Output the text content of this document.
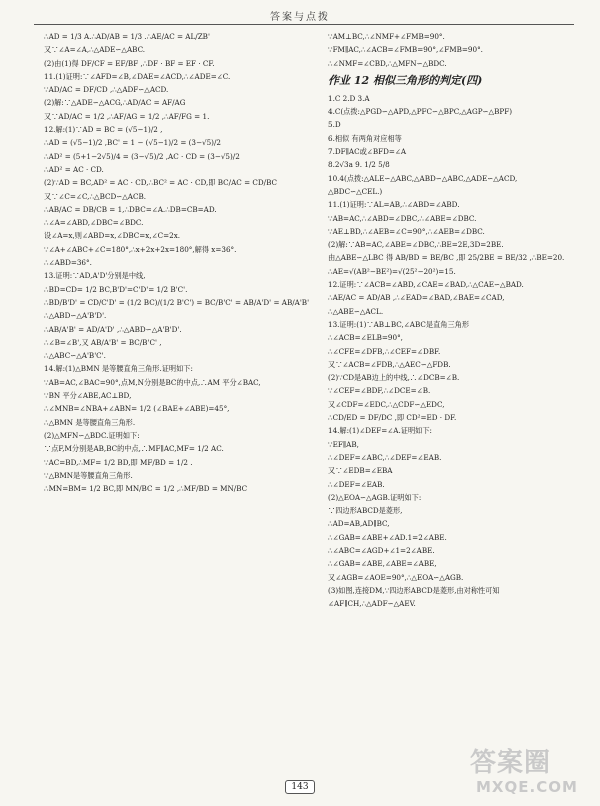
答案与点拨
∴AD = 1/3 A.∴AD/AB = 1/3 .∴AE/AC = AL/ZB'
又∵∠A=∠A,∴△ADE∽△ABC.
(2)由(1)得 DF/CF = EF/BF ,∴DF · BF = EF · CF.
11.(1)证明:∵∠AFD=∠B,∠DAE=∠ACD,∴∠ADE=∠C.
∵AD/AC = DF/CD ,∴△ADF∽△ACD.
(2)解:∵△ADE∽△ACG,∴AD/AC = AF/AG
又∵AD/AC = 1/2 ,∴AF/AG = 1/2 ,∴AF/FG = 1.
12.解:(1)∵AD = BC = (√5−1)/2 ,
∴AD = (√5−1)/2 ,BC' = 1 − (√5−1)/2 = (3−√5)/2
∴AD² = (5+1−2√5)/4 = (3−√5)/2 ,AC · CD = (3−√5)/2
∴AD² = AC · CD.
(2)∵AD = BC,AD² = AC · CD,∴BC² = AC · CD,即 BC/AC = CD/BC
又∵∠C=∠C,∴△BCD∽△ACB.
∴AB/AC = DB/CB = 1,∴DBC=∠A.∴DB=CB=AD.
∴∠A=∠ABD,∠DBC=∠BDC.
设∠A=x,则∠ABD=x,∠DBC=x,∠C=2x.
∵∠A+∠ABC+∠C=180°,∴x+2x+2x=180°,解得 x=36°.
∴∠ABD=36°.
13.证明:∵AD,A'D'分别是中线,
∴BD=CD= 1/2 BC,B'D'=C'D'= 1/2 B'C'.
∴BD/B'D' = CD/C'D' = (1/2 BC)/(1/2 B'C') = BC/B'C' = AB/A'D' = AB/A'B'
∴△ABD∽△A'B'D'.
∴AB/A'B' = AD/A'D' ,∴△ABD∽△A'B'D'.
∴∠B=∠B',又 AB/A'B' = BC/B'C' ,
∴△ABC∽△A'B'C'.
14.解:(1)△BMN 是等腰直角三角形.证明如下:
∵AB=AC,∠BAC=90°,点M,N分别是BC的中点,∴AM 平分∠BAC,
∵BN 平分∠ABE,AC⊥BD,
∴∠MNB=∠NBA+∠ABN= 1/2 (∠BAE+∠ABE)=45°,
∴△BMN 是等腰直角三角形.
(2)△MFN∽△BDC.证明如下:
∵点F,M分别是AB,BC的中点,∴MF∥AC,MF= 1/2 AC.
∵AC=BD,∴MF= 1/2 BD,即 MF/BD = 1/2 .
∵△BMN是等腰直角三角形.
∴MN=BM= 1/2 BC,即 MN/BC = 1/2 ,∴MF/BD = MN/BC
∵AM⊥BC,∴∠NMF+∠FMB=90°.
∵FM∥AC,∴∠ACB=∠FMB=90°,∠FMB=90°.
∴∠NMF=∠CBD,∴△MFN∽△BDC.
作业 12 相似三角形的判定(四)
1.C 2.D 3.A
4.C(点拨:△PGD∽△APD,△PFC∽△BPC,△AGP∽△BPF)
5.D
6.相似 有两角对应相等
7.DF∥AC或∠BFD=∠A
8.2√3a 9. 1/2 5/8
10.4(点拨:△ALE∽△ABC,△ABD∽△ABC,△ADE∽△ACD,
△BDC∽△CEL.)
11.(1)证明:∵AL=AB,∴∠ABD=∠ABD.
∵AB=AC,∴∠ABD=∠DBC,∴∠ABE=∠DBC.
∵AE⊥BD,∴∠AEB=∠C=90°,∴∠AEB=∠DBC.
(2)解:∵AB=AC,∠ABE=∠DBC,∴BE=2E,3D=2BE.
由△ABE∽△LBC 得 AB/BD = BE/BC ,即 25/2BE = BE/32 ,∴BE=20.
∴AE=√(AB²−BE²)=√(25²−20²)=15.
12.证明:∵∠ACB=∠ABD,∠CAE=∠BAD,∴△CAE∽△BAD.
∴AE/AC = AD/AB ,∴∠EAD=∠BAD,∠BAE=∠CAD,
∴△ABE∽△ACL.
13.证明:(1)∵AB⊥BC,∠ABC是直角三角形
∴∠ACB=∠ELB=90°,
∴∠CFE=∠DFB,∴∠CEF=∠DBF.
又∵∠ACB=∠FDB,∴△AEC∽△FDB.
(2)∵CD是AB边上的中线,∴∠DCB=∠B.
∵∠CEF=∠BDF,∴∠DCE=∠B.
又∠CDF=∠EDC,∴△CDF∽△EDC,
∴CD/ED = DF/DC ,即 CD²=ED · DF.
14.解:(1)∠DEF=∠A.证明如下:
∵EF∥AB,
∴∠DEF=∠ABC,∴∠DEF=∠EAB.
又∵∠EDB=∠EBA
∴∠DEF=∠EAB.
(2)△EOA∽△AGB.证明如下:
∵四边形ABCD是菱形,
∴AD=AB,AD∥BC,
∴∠GAB=∠ABE+∠AD.1=2∠ABE.
∴∠ABC=∠AGD+∠1=2∠ABE.
∴∠GAB=∠ABE,∠ABE=∠ABE,
又∠AGB=∠AOE=90°,∴△EOA∽△AGB.
(3)如图,连接DM,∵四边形ABCD是菱形,由对称性可知
∠AF∥CH,∴△ADF∽△AEV.
143
答案圈
MXQE.COM
